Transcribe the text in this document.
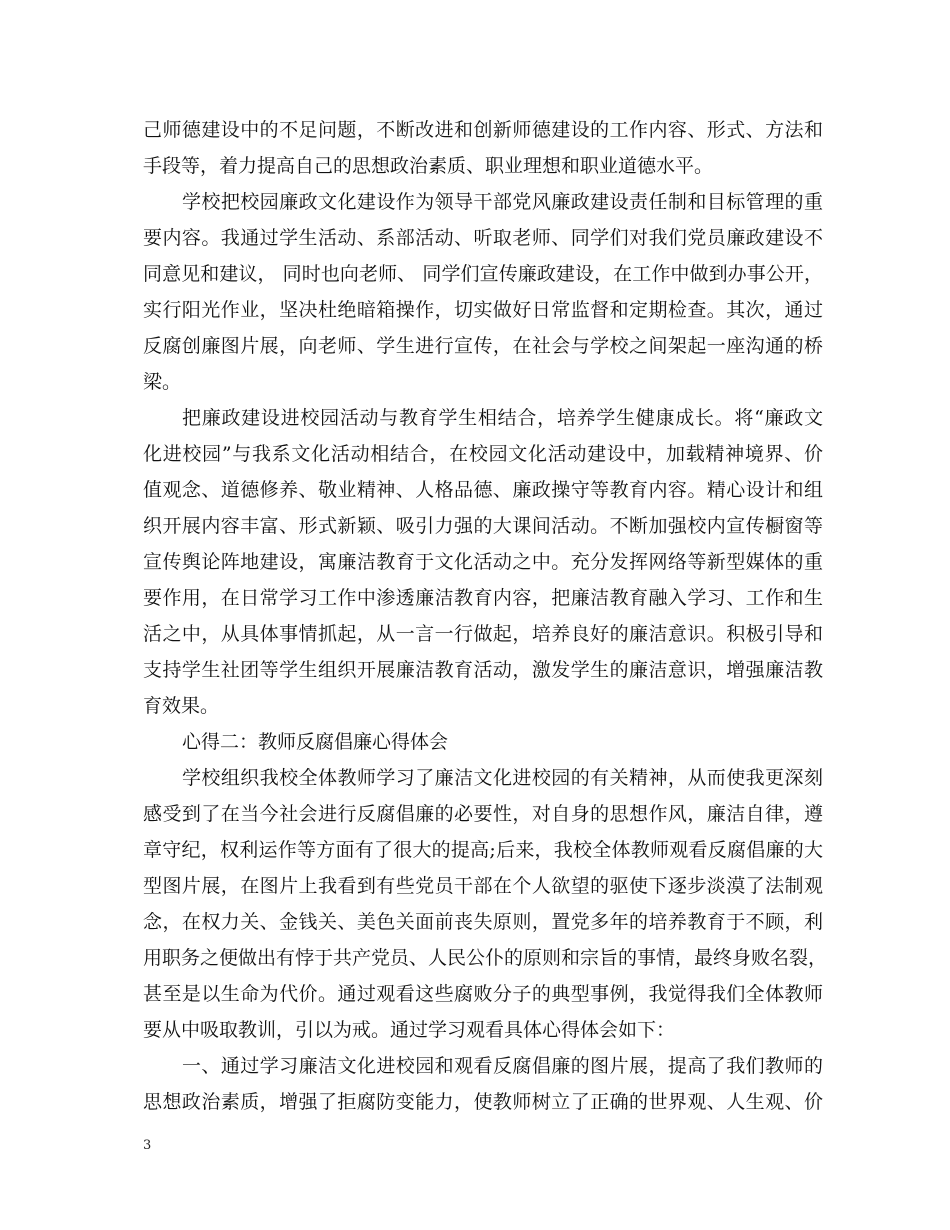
己师德建设中的不足问题，不断改进和创新师德建设的工作内容、形式、方法和
手段等，着力提高自己的思想政治素质、职业理想和职业道德水平。
学校把校园廉政文化建设作为领导干部党风廉政建设责任制和目标管理的重
要内容。我通过学生活动、系部活动、听取老师、同学们对我们党员廉政建设不
同意见和建议， 同时也向老师、 同学们宣传廉政建设，在工作中做到办事公开，
实行阳光作业，坚决杜绝暗箱操作，切实做好日常监督和定期检查。其次，通过
反腐创廉图片展，向老师、学生进行宣传，在社会与学校之间架起一座沟通的桥
梁。
把廉政建设进校园活动与教育学生相结合，培养学生健康成长。将“廉政文
化进校园”与我系文化活动相结合，在校园文化活动建设中，加载精神境界、价
值观念、道德修养、敬业精神、人格品德、廉政操守等教育内容。精心设计和组
织开展内容丰富、形式新颖、吸引力强的大课间活动。不断加强校内宣传橱窗等
宣传舆论阵地建设，寓廉洁教育于文化活动之中。充分发挥网络等新型媒体的重
要作用，在日常学习工作中渗透廉洁教育内容，把廉洁教育融入学习、工作和生
活之中，从具体事情抓起，从一言一行做起，培养良好的廉洁意识。积极引导和
支持学生社团等学生组织开展廉洁教育活动，激发学生的廉洁意识，增强廉洁教
育效果。
心得二：教师反腐倡廉心得体会
学校组织我校全体教师学习了廉洁文化进校园的有关精神，从而使我更深刻
感受到了在当今社会进行反腐倡廉的必要性，对自身的思想作风，廉洁自律，遵
章守纪，权利运作等方面有了很大的提高;后来，我校全体教师观看反腐倡廉的大
型图片展，在图片上我看到有些党员干部在个人欲望的驱使下逐步淡漠了法制观
念，在权力关、金钱关、美色关面前丧失原则，置党多年的培养教育于不顾，利
用职务之便做出有悖于共产党员、人民公仆的原则和宗旨的事情，最终身败名裂，
甚至是以生命为代价。通过观看这些腐败分子的典型事例，我觉得我们全体教师
要从中吸取教训，引以为戒。通过学习观看具体心得体会如下：
一、通过学习廉洁文化进校园和观看反腐倡廉的图片展，提高了我们教师的
思想政治素质，增强了拒腐防变能力，使教师树立了正确的世界观、人生观、价
3
